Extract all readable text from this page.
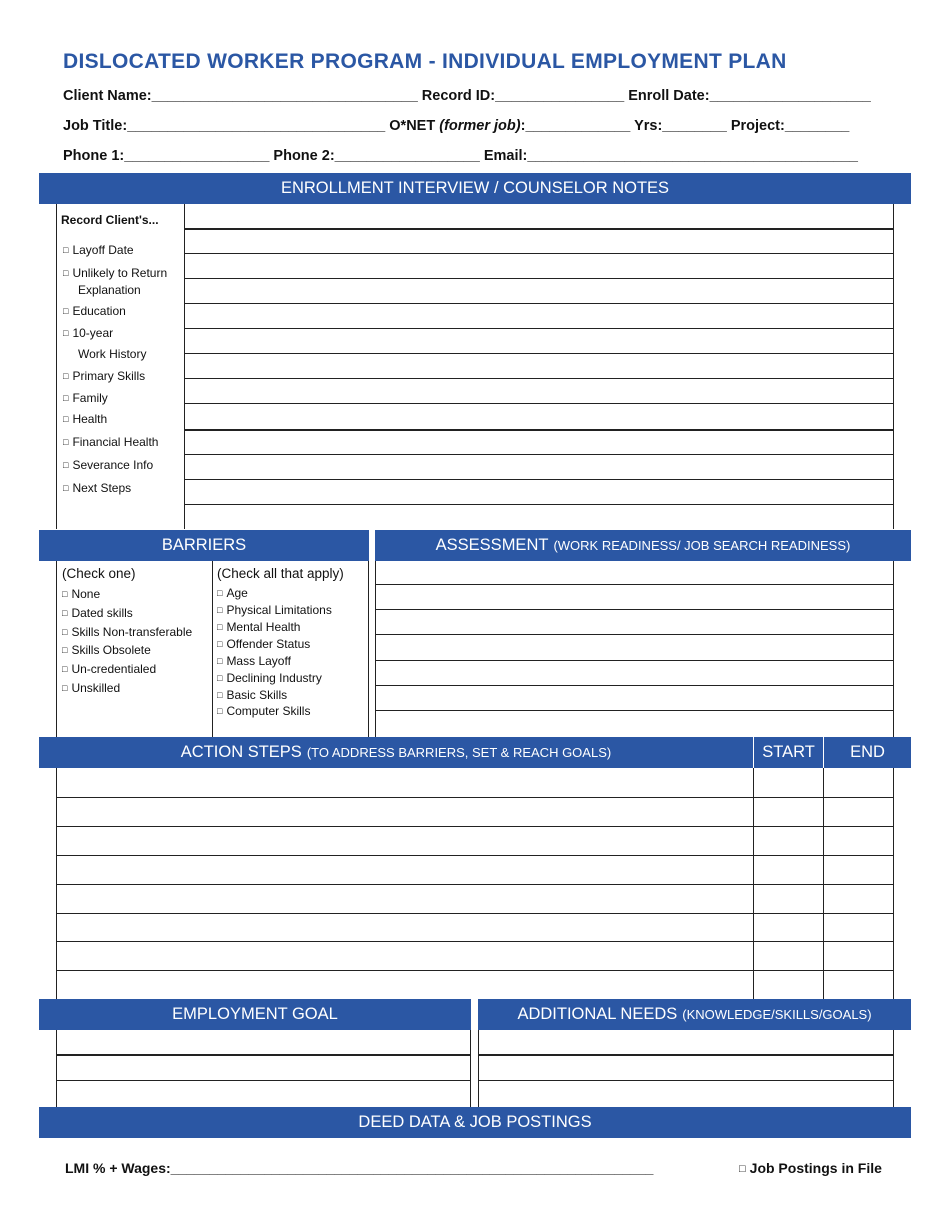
DISLOCATED WORKER PROGRAM - INDIVIDUAL EMPLOYMENT PLAN
Client Name:_________________________________ Record ID:________________ Enroll Date:____________________
Job Title:________________________________ O*NET (former job):_____________ Yrs:________ Project:________
Phone 1:__________________ Phone 2:__________________ Email:_________________________________________
ENROLLMENT INTERVIEW / COUNSELOR NOTES
Record Client's...
□ Layoff Date
□ Unlikely to Return
Explanation
□ Education
□ 10-year
Work History
□ Primary Skills
□ Family
□ Health
□ Financial Health
□ Severance Info
□ Next Steps
BARRIERS
(Check one)
□ None
□ Dated skills
□ Skills Non-transferable
□ Skills Obsolete
□ Un-credentialed
□ Unskilled
(Check all that apply)
□ Age
□ Physical Limitations
□ Mental Health
□ Offender Status
□ Mass Layoff
□ Declining Industry
□ Basic Skills
□ Computer Skills
ASSESSMENT (WORK READINESS/ JOB SEARCH READINESS)
ACTION STEPS (TO ADDRESS BARRIERS, SET & REACH GOALS)	START END
EMPLOYMENT GOAL	ADDITIONAL NEEDS (KNOWLEDGE/SKILLS/GOALS)
DEED DATA & JOB POSTINGS
LMI % + Wages:______________________________________________________________	□ Job Postings in File
